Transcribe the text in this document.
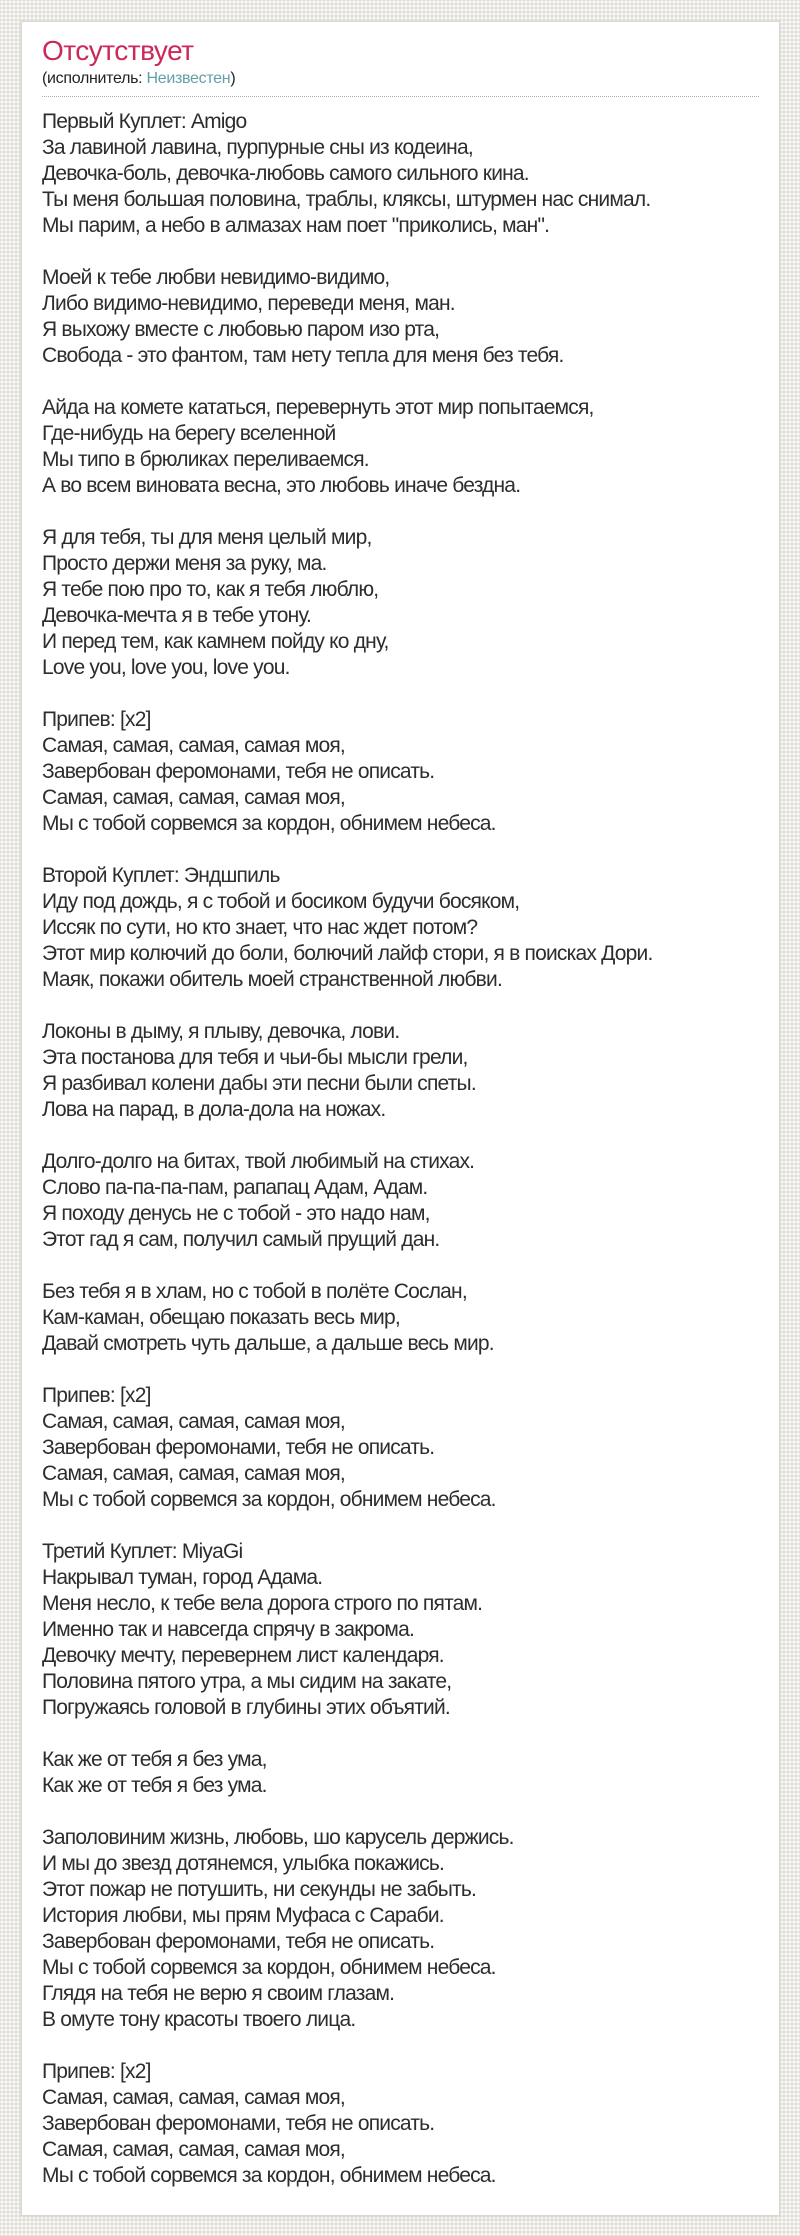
Отсутствует
(исполнитель: Неизвестен)
Первый Куплет: Amigo
За лавиной лавина, пурпурные сны из кодеина,
Девочка-боль, девочка-любовь самого сильного кина.
Ты меня большая половина, траблы, кляксы, штурмен нас снимал.
Мы парим, а небо в алмазах нам поет "приколись, ман".
Моей к тебе любви невидимо-видимо,
Либо видимо-невидимо, переведи меня, ман.
Я выхожу вместе с любовью паром изо рта,
Свобода - это фантом, там нету тепла для меня без тебя.
Айда на комете кататься, перевернуть этот мир попытаемся,
Где-нибудь на берегу вселенной
Мы типо в брюликах переливаемся.
А во всем виновата весна, это любовь иначе бездна.
Я для тебя, ты для меня целый мир,
Просто держи меня за руку, ма.
Я тебе пою про то, как я тебя люблю,
Девочка-мечта я в тебе утону.
И перед тем, как камнем пойду ко дну,
Love you, love you, love you.
Припев: [x2]
Самая, самая, самая, самая моя,
Завербован феромонами, тебя не описать.
Самая, самая, самая, самая моя,
Мы с тобой сорвемся за кордон, обнимем небеса.
Второй Куплет: Эндшпиль
Иду под дождь, я с тобой и босиком будучи босяком,
Иссяк по сути, но кто знает, что нас ждет потом?
Этот мир колючий до боли, болючий лайф стори, я в поисках Дори.
Маяк, покажи обитель моей странственной любви.
Локоны в дыму, я плыву, девочка, лови.
Эта постанова для тебя и чьи-бы мысли грели,
Я разбивал колени дабы эти песни были спеты.
Лова на парад, в дола-дола на ножах.
Долго-долго на битах, твой любимый на стихах.
Слово па-па-па-пам, рапапац Адам, Адам.
Я походу денусь не с тобой - это надо нам,
Этот гад я сам, получил самый прущий дан.
Без тебя я в хлам, но с тобой в полёте Сослан,
Кам-каман, обещаю показать весь мир,
Давай смотреть чуть дальше, а дальше весь мир.
Припев: [x2]
Самая, самая, самая, самая моя,
Завербован феромонами, тебя не описать.
Самая, самая, самая, самая моя,
Мы с тобой сорвемся за кордон, обнимем небеса.
Третий Куплет: MiyaGi
Накрывал туман, город Адама.
Меня несло, к тебе вела дорога строго по пятам.
Именно так и навсегда спрячу в закрома.
Девочку мечту, перевернем лист календаря.
Половина пятого утра, а мы сидим на закате,
Погружаясь головой в глубины этих объятий.
Как же от тебя я без ума,
Как же от тебя я без ума.
Заполовиним жизнь, любовь, шо карусель держись.
И мы до звезд дотянемся, улыбка покажись.
Этот пожар не потушить, ни секунды не забыть.
История любви, мы прям Муфаса с Сараби.
Завербован феромонами, тебя не описать.
Мы с тобой сорвемся за кордон, обнимем небеса.
Глядя на тебя не верю я своим глазам.
В омуте тону красоты твоего лица.
Припев: [x2]
Самая, самая, самая, самая моя,
Завербован феромонами, тебя не описать.
Самая, самая, самая, самая моя,
Мы с тобой сорвемся за кордон, обнимем небеса.
